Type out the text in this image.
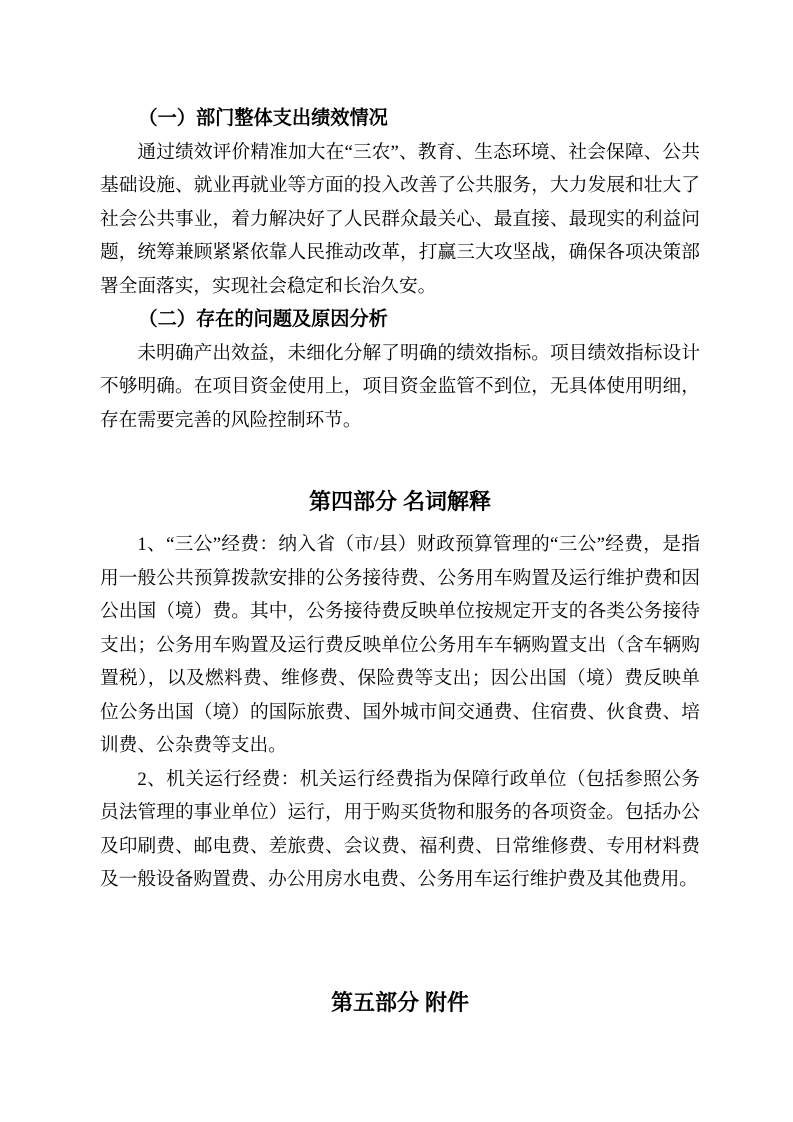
（一）部门整体支出绩效情况
通过绩效评价精准加大在“三农”、教育、生态环境、社会保障、公共基础设施、就业再就业等方面的投入改善了公共服务，大力发展和壮大了社会公共事业，着力解决好了人民群众最关心、最直接、最现实的利益问题，统筹兼顾紧紧依靠人民推动改革，打赢三大攻坚战，确保各项决策部署全面落实，实现社会稳定和长治久安。
（二）存在的问题及原因分析
未明确产出效益，未细化分解了明确的绩效指标。项目绩效指标设计不够明确。在项目资金使用上，项目资金监管不到位，无具体使用明细，存在需要完善的风险控制环节。
第四部分 名词解释
1、“三公”经费：纳入省（市/县）财政预算管理的“三公”经费，是指用一般公共预算拨款安排的公务接待费、公务用车购置及运行维护费和因公出国（境）费。其中，公务接待费反映单位按规定开支的各类公务接待支出；公务用车购置及运行费反映单位公务用车车辆购置支出（含车辆购置税），以及燃料费、维修费、保险费等支出；因公出国（境）费反映单位公务出国（境）的国际旅费、国外城市间交通费、住宿费、伙食费、培训费、公杂费等支出。
2、机关运行经费：机关运行经费指为保障行政单位（包括参照公务员法管理的事业单位）运行，用于购买货物和服务的各项资金。包括办公及印刷费、邮电费、差旅费、会议费、福利费、日常维修费、专用材料费及一般设备购置费、办公用房水电费、公务用车运行维护费及其他费用。
第五部分 附件
